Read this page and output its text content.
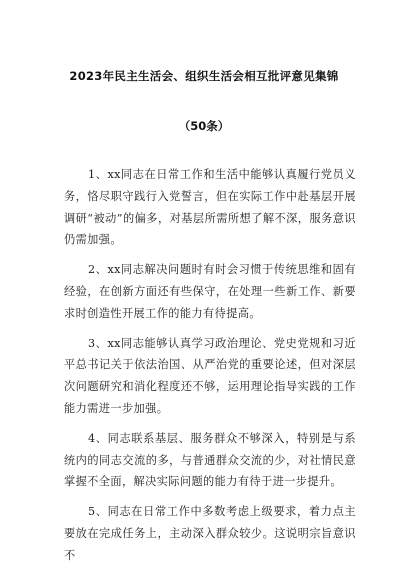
2023年民主生活会、组织生活会相互批评意见集锦
（50条）

1、xx同志在日常工作和生活中能够认真履行党员义务，恪尽职守践行入党誓言，但在实际工作中赴基层开展调研“被动”的偏多，对基层所需所想了解不深，服务意识仍需加强。

2、xx同志解决问题时有时会习惯于传统思维和固有经验，在创新方面还有些保守，在处理一些新工作、新要求时创造性开展工作的能力有待提高。

3、xx同志能够认真学习政治理论、党史党规和习近平总书记关于依法治国、从严治党的重要论述，但对深层次问题研究和消化程度还不够，运用理论指导实践的工作能力需进一步加强。

4、同志联系基层、服务群众不够深入，特别是与系统内的同志交流的多，与普通群众交流的少，对社情民意掌握不全面，解决实际问题的能力有待于进一步提升。

5、同志在日常工作中多数考虑上级要求，着力点主要放在完成任务上，主动深入群众较少。这说明宗旨意识不
